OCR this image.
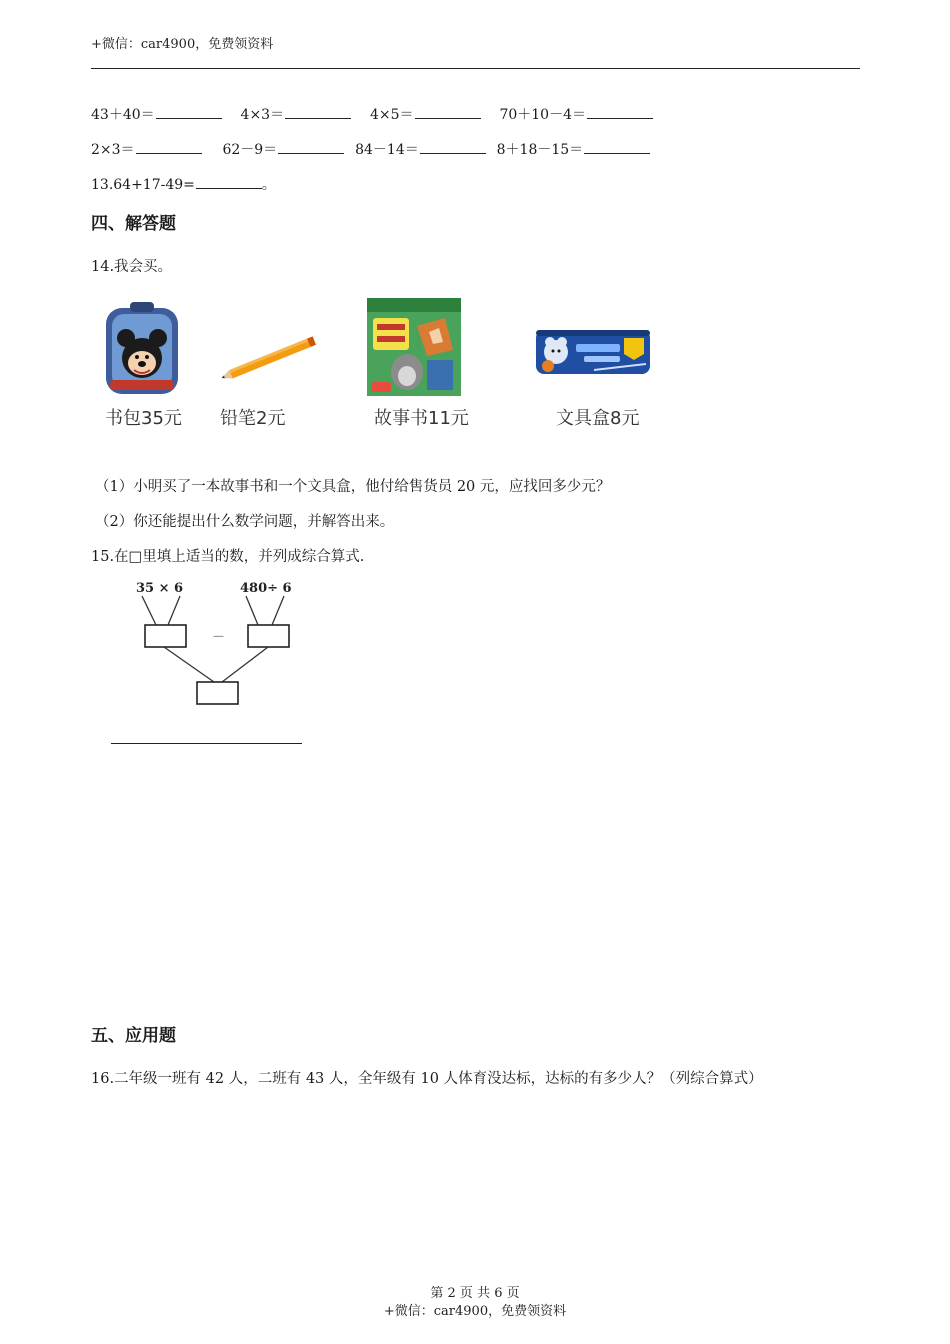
+微信：car4900，免费领资料
43＋40＝	4×3＝	4×5＝	70＋10－4＝
2×3＝	62－9＝	84－14＝	8＋18－15＝
13.64+17-49=	。
四、解答题
14.我会买。
书包35元 铅笔2元	故事书11元	文具盒8元
（1）小明买了一本故事书和一个文具盒，他付给售货员 20 元，应找回多少元？
（2）你还能提出什么数学问题，并解答出来。
15.在□里填上适当的数，并列成综合算式.
35 × 6	480÷ 6
－
五、应用题
16.二年级一班有 42 人，二班有 43 人，全年级有 10 人体育没达标，达标的有多少人？（列综合算式）
第 2 页 共 6 页
+微信：car4900，免费领资料
